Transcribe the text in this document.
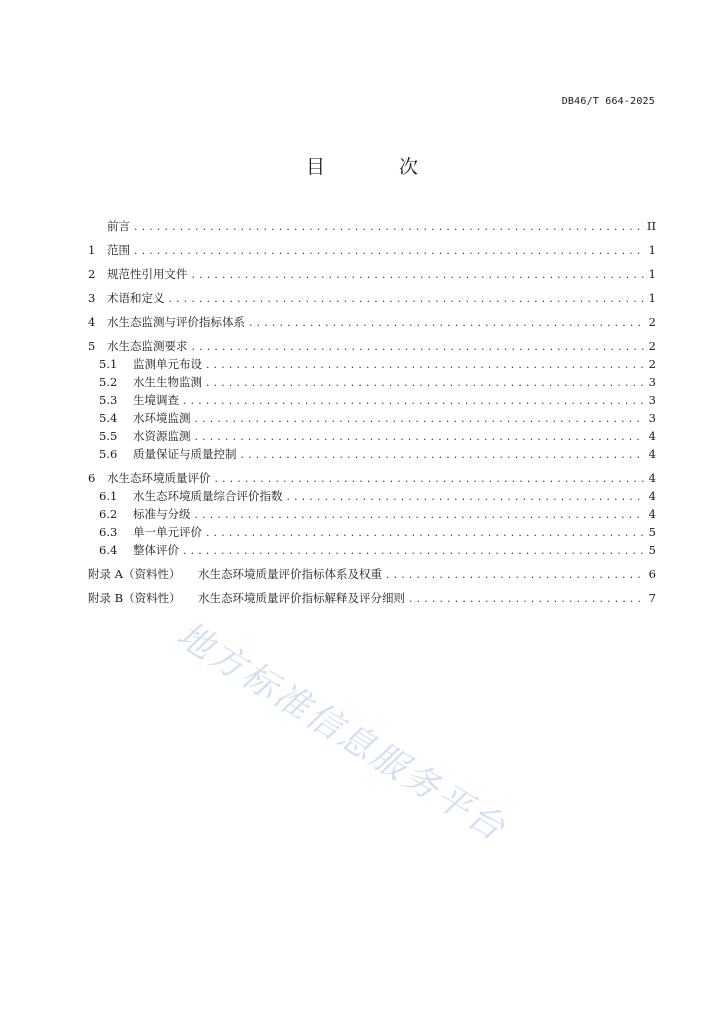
DB46/T 664-2025
目 次
前言 .....	II
1	范围 .....	1
2	规范性引用文件 .....	1
3	术语和定义 .....	1
4	水生态监测与评价指标体系 .....	2
5	水生态监测要求 .....	2
5.1	监测单元布设 .....	2
5.2	水生生物监测 .....	3
5.3	生境调查 .....	3
5.4	水环境监测 .....	3
5.5	水资源监测 .....	4
5.6	质量保证与质量控制 .....	4
6	水生态环境质量评价 .....	4
6.1	水生态环境质量综合评价指数 .....	4
6.2	标准与分级 .....	4
6.3	单一单元评价 .....	5
6.4	整体评价 .....	5
附录 A（资料性）	水生态环境质量评价指标体系及权重 .....	6
附录 B（资料性）	水生态环境质量评价指标解释及评分细则 .....	7
地方标准信息服务平台
